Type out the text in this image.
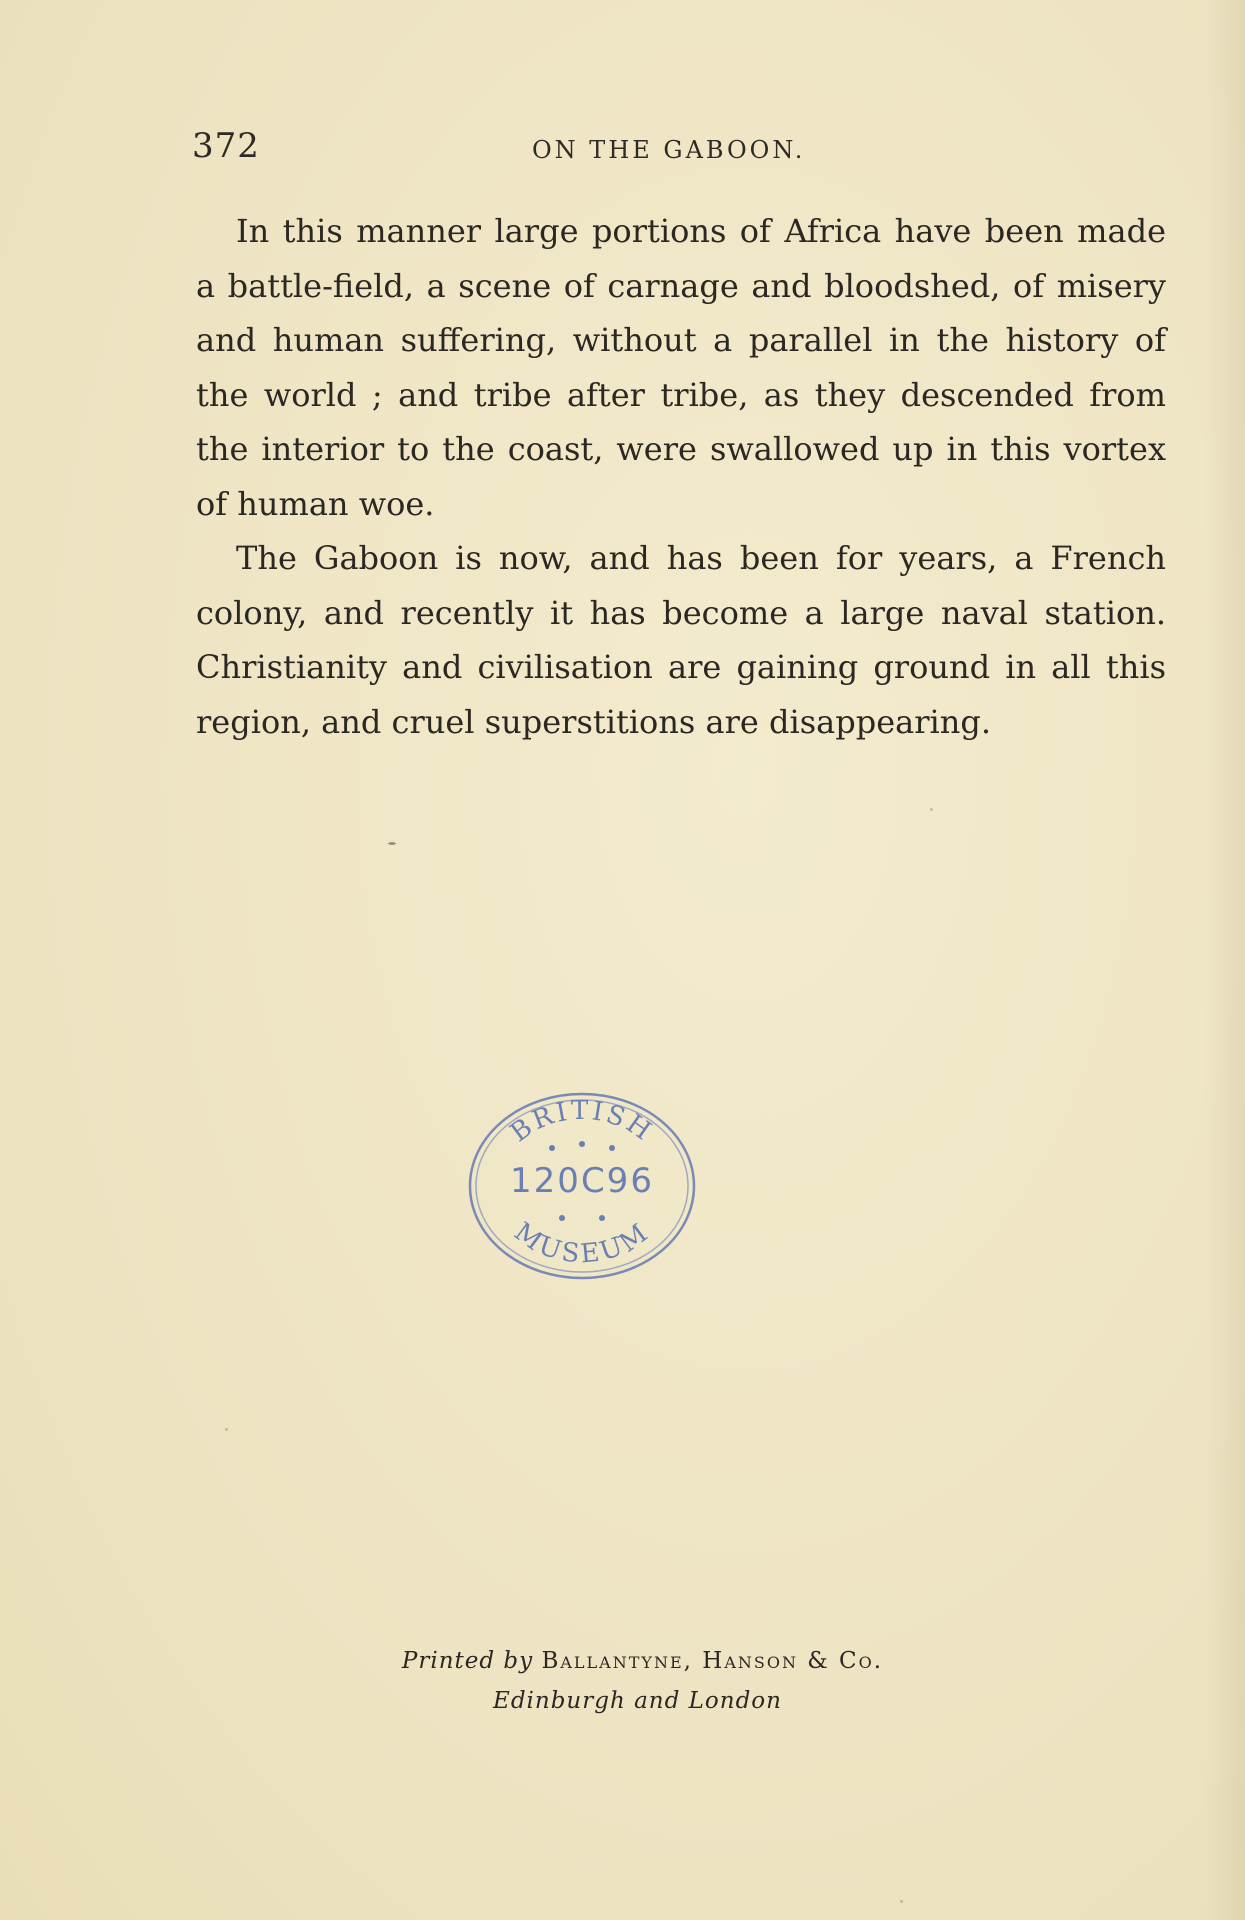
372	ON THE GABOON.

In this manner large portions of Africa have been made a battle-field, a scene of carnage and bloodshed, of misery and human suffering, without a parallel in the history of the world ; and tribe after tribe, as they descended from the interior to the coast, were swallowed up in this vortex of human woe.

The Gaboon is now, and has been for years, a French colony, and recently it has become a large naval station. Christianity and civilisation are gaining ground in all this region, and cruel superstitions are disappearing.

BRITISH
MUSEUM
120C96
Printed by Ballantyne, Hanson & Co.
Edinburgh and London
